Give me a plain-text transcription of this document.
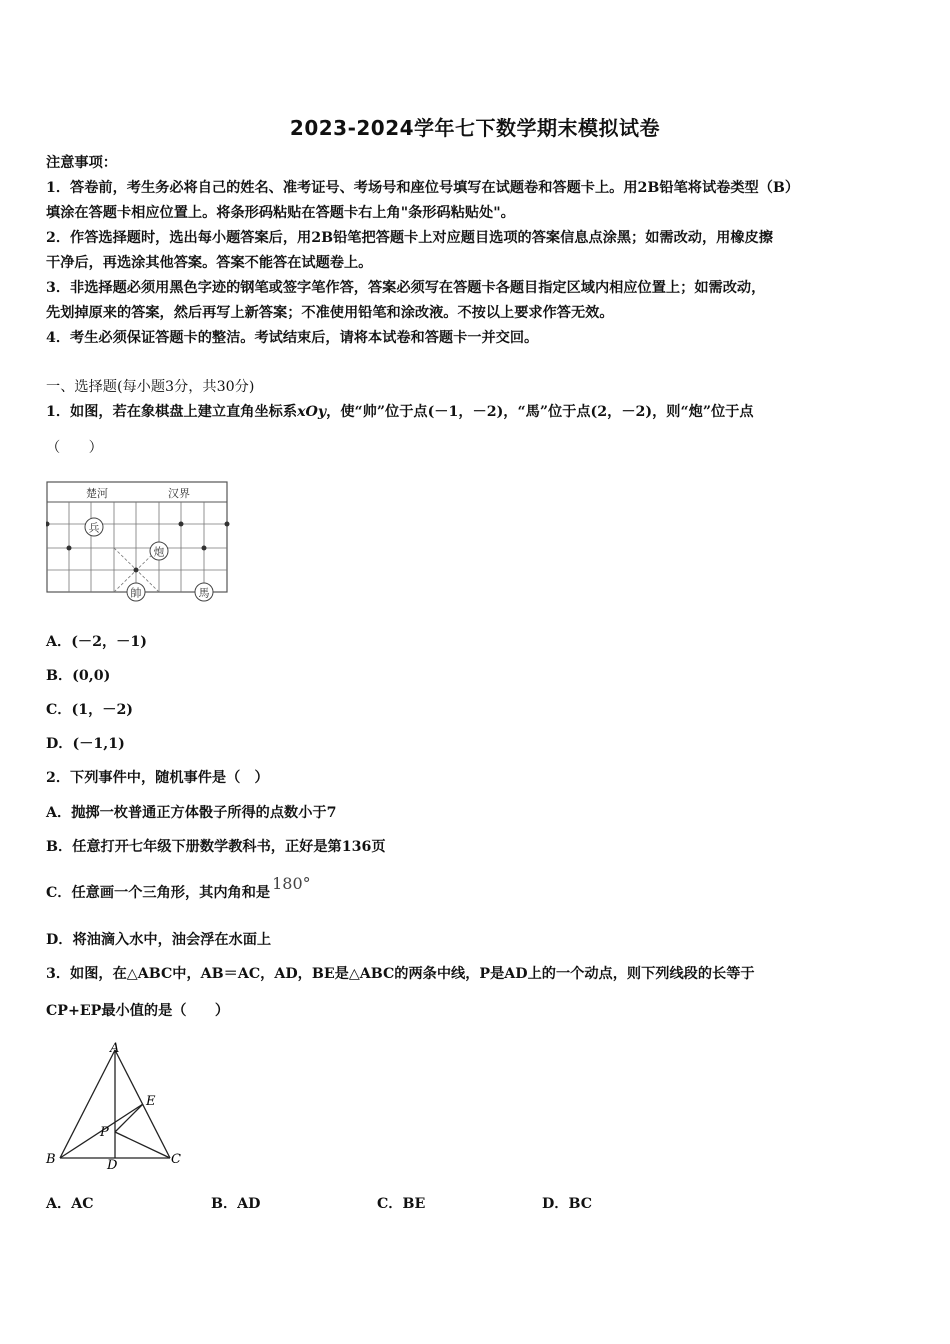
2023-2024学年七下数学期末模拟试卷
注意事项：
1．答卷前，考生务必将自己的姓名、准考证号、考场号和座位号填写在试题卷和答题卡上。用2B铅笔将试卷类型（B）
填涂在答题卡相应位置上。将条形码粘贴在答题卡右上角"条形码粘贴处"。
2．作答选择题时，选出每小题答案后，用2B铅笔把答题卡上对应题目选项的答案信息点涂黑；如需改动，用橡皮擦
干净后，再选涂其他答案。答案不能答在试题卷上。
3．非选择题必须用黑色字迹的钢笔或签字笔作答，答案必须写在答题卡各题目指定区域内相应位置上；如需改动，
先划掉原来的答案，然后再写上新答案；不准使用铅笔和涂改液。不按以上要求作答无效。
4．考生必须保证答题卡的整洁。考试结束后，请将本试卷和答题卡一并交回。
一、选择题(每小题3分，共30分)
1．如图，若在象棋盘上建立直角坐标系xOy，使“帅”位于点(－1，－2)，“馬”位于点(2，－2)，则“炮”位于点
（　　）
楚河	汉界
兵
炮
帥	馬
A．(－2，－1)
B．(0,0)
C．(1，－2)
D．(－1,1)
2．下列事件中，随机事件是（　）
A．抛掷一枚普通正方体骰子所得的点数小于7
B．任意打开七年级下册数学教科书，正好是第136页
C．任意画一个三角形，其内角和是 180°
D．将油滴入水中，油会浮在水面上
3．如图，在△ABC中，AB＝AC，AD，BE是△ABC的两条中线，P是AD上的一个动点，则下列线段的长等于
CP+EP最小值的是（　　）
A
E
P
B	D	C
A．AC	B．AD	C．BE	D．BC
